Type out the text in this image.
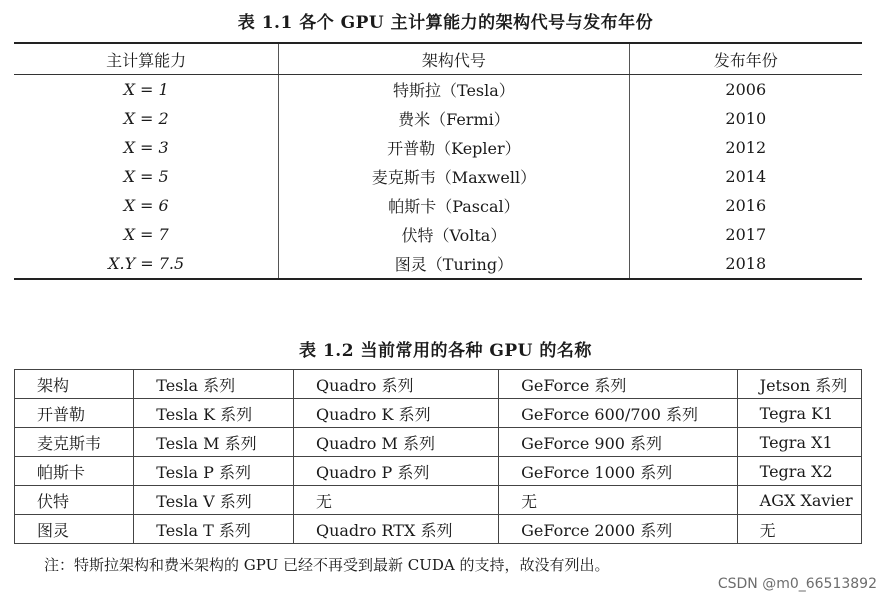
表 1.1 各个 GPU 主计算能力的架构代号与发布年份
主计算能力	架构代号	发布年份
X = 1	特斯拉（Tesla）	2006
X = 2	费米（Fermi）	2010
X = 3	开普勒（Kepler）	2012
X = 5	麦克斯韦（Maxwell）	2014
X = 6	帕斯卡（Pascal）	2016
X = 7	伏特（Volta）	2017
X.Y = 7.5	图灵（Turing）	2018
表 1.2 当前常用的各种 GPU 的名称
架构	Tesla 系列	Quadro 系列	GeForce 系列	Jetson 系列
开普勒	Tesla K 系列	Quadro K 系列	GeForce 600/700 系列	Tegra K1
麦克斯韦	Tesla M 系列	Quadro M 系列	GeForce 900 系列	Tegra X1
帕斯卡	Tesla P 系列	Quadro P 系列	GeForce 1000 系列	Tegra X2
伏特	Tesla V 系列	无	无	AGX Xavier
图灵	Tesla T 系列	Quadro RTX 系列	GeForce 2000 系列	无
注：特斯拉架构和费米架构的 GPU 已经不再受到最新 CUDA 的支持，故没有列出。
CSDN @m0_66513892
